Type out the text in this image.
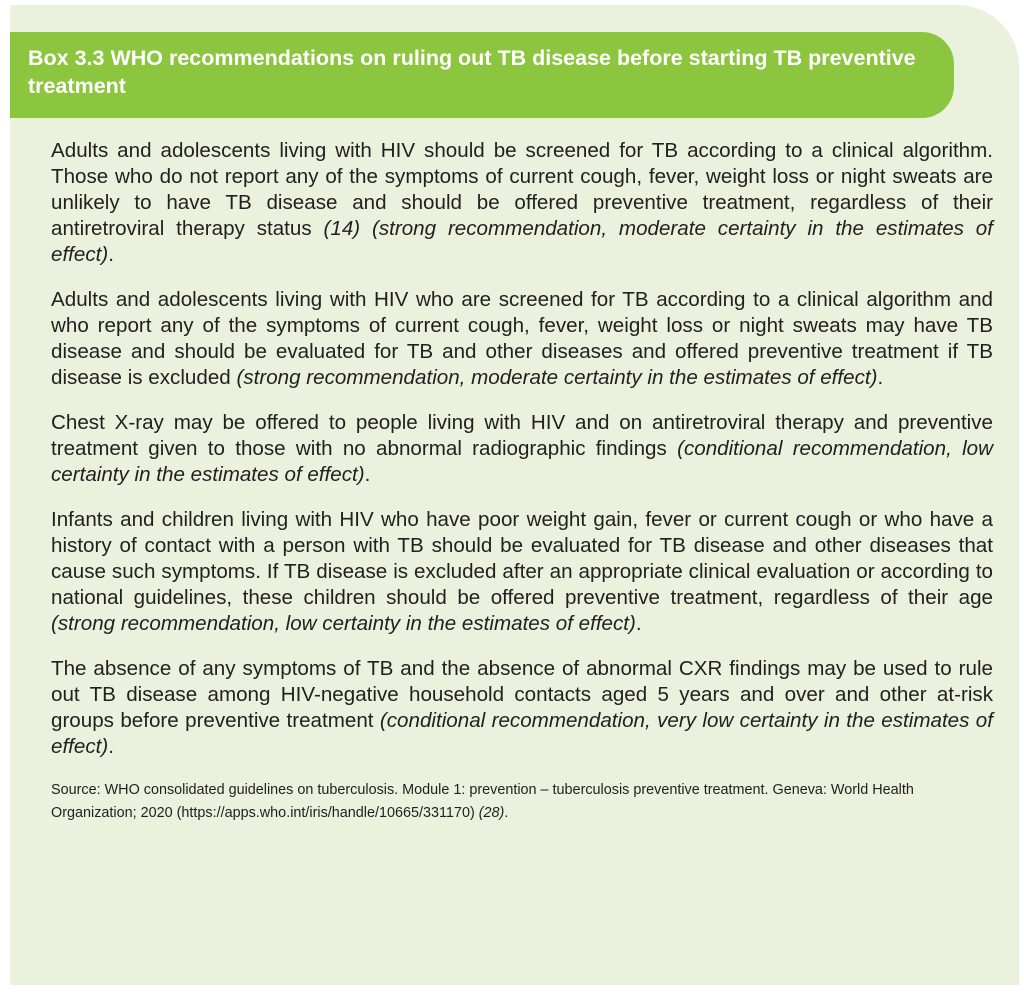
Box 3.3 WHO recommendations on ruling out TB disease before starting TB preventive treatment

Adults and adolescents living with HIV should be screened for TB according to a clinical algorithm. Those who do not report any of the symptoms of current cough, fever, weight loss or night sweats are unlikely to have TB disease and should be offered preventive treatment, regardless of their antiretroviral therapy status (14) (strong recommendation, moderate certainty in the estimates of effect).

Adults and adolescents living with HIV who are screened for TB according to a clinical algorithm and who report any of the symptoms of current cough, fever, weight loss or night sweats may have TB disease and should be evaluated for TB and other diseases and offered preventive treatment if TB disease is excluded (strong recommendation, moderate certainty in the estimates of effect).

Chest X-ray may be offered to people living with HIV and on antiretroviral therapy and preventive treatment given to those with no abnormal radiographic findings (conditional recommendation, low certainty in the estimates of effect).

Infants and children living with HIV who have poor weight gain, fever or current cough or who have a history of contact with a person with TB should be evaluated for TB disease and other diseases that cause such symptoms. If TB disease is excluded after an appropriate clinical evaluation or according to national guidelines, these children should be offered preventive treatment, regardless of their age (strong recommendation, low certainty in the estimates of effect).

The absence of any symptoms of TB and the absence of abnormal CXR findings may be used to rule out TB disease among HIV-negative household contacts aged 5 years and over and other at-risk groups before preventive treatment (conditional recommendation, very low certainty in the estimates of effect).

Source: WHO consolidated guidelines on tuberculosis. Module 1: prevention – tuberculosis preventive treatment. Geneva: World Health Organization; 2020 (https://apps.who.int/iris/handle/10665/331170) (28).
